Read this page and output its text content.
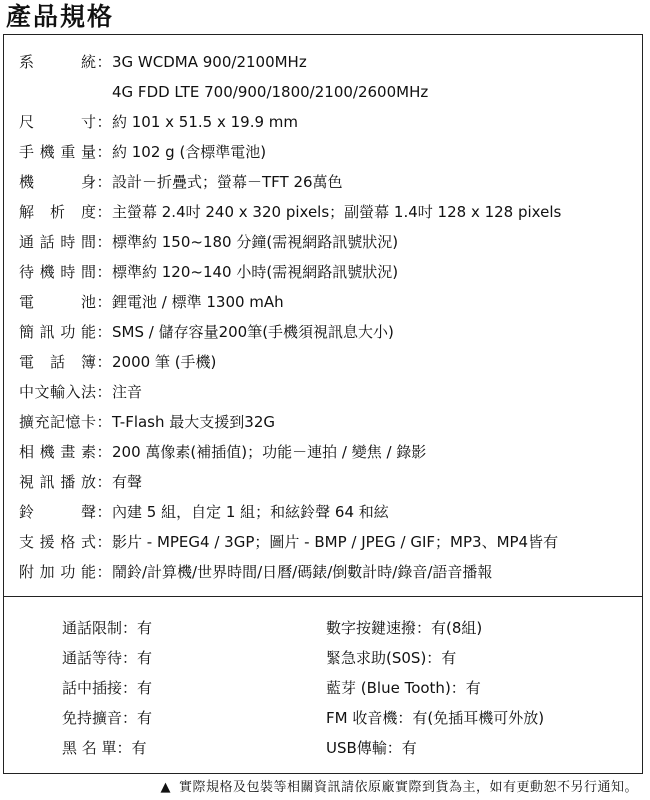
產品規格
系統 ： 3G WCDMA 900/2100MHz
4G FDD LTE 700/900/1800/2100/2600MHz
尺寸 ： 約 101 x 51.5 x 19.9 mm
手機重量 ： 約 102 g (含標準電池)
機身 ： 設計－折疊式；螢幕－TFT 26萬色
解析度 ： 主螢幕 2.4吋 240 x 320 pixels；副螢幕 1.4吋 128 x 128 pixels
通話時間 ： 標準約 150~180 分鐘(需視網路訊號狀況)
待機時間 ： 標準約 120~140 小時(需視網路訊號狀況)
電池 ： 鋰電池 / 標準 1300 mAh
簡訊功能 ： SMS / 儲存容量200筆(手機須視訊息大小)
電話簿 ： 2000 筆 (手機)
中文輸入法 ： 注音
擴充記憶卡 ： T-Flash 最大支援到32G
相機畫素 ： 200 萬像素(補插值)；功能－連拍 / 變焦 / 錄影
視訊播放 ： 有聲
鈴聲 ： 內建 5 組，自定 1 組；和絃鈴聲 64 和絃
支援格式 ： 影片 - MPEG4 / 3GP；圖片 - BMP / JPEG / GIF；MP3、MP4皆有
附加功能 ： 鬧鈴/計算機/世界時間/日曆/碼錶/倒數計時/錄音/語音播報
通話限制：有
通話等待：有
話中插接：有
免持擴音：有
黑 名 單：有
數字按鍵速撥：有(8組)
緊急求助(S0S)：有
藍芽 (Blue Tooth)：有
FM 收音機：有(免插耳機可外放)
USB傳輸：有
▲ 實際規格及包裝等相關資訊請依原廠實際到貨為主，如有更動恕不另行通知。
